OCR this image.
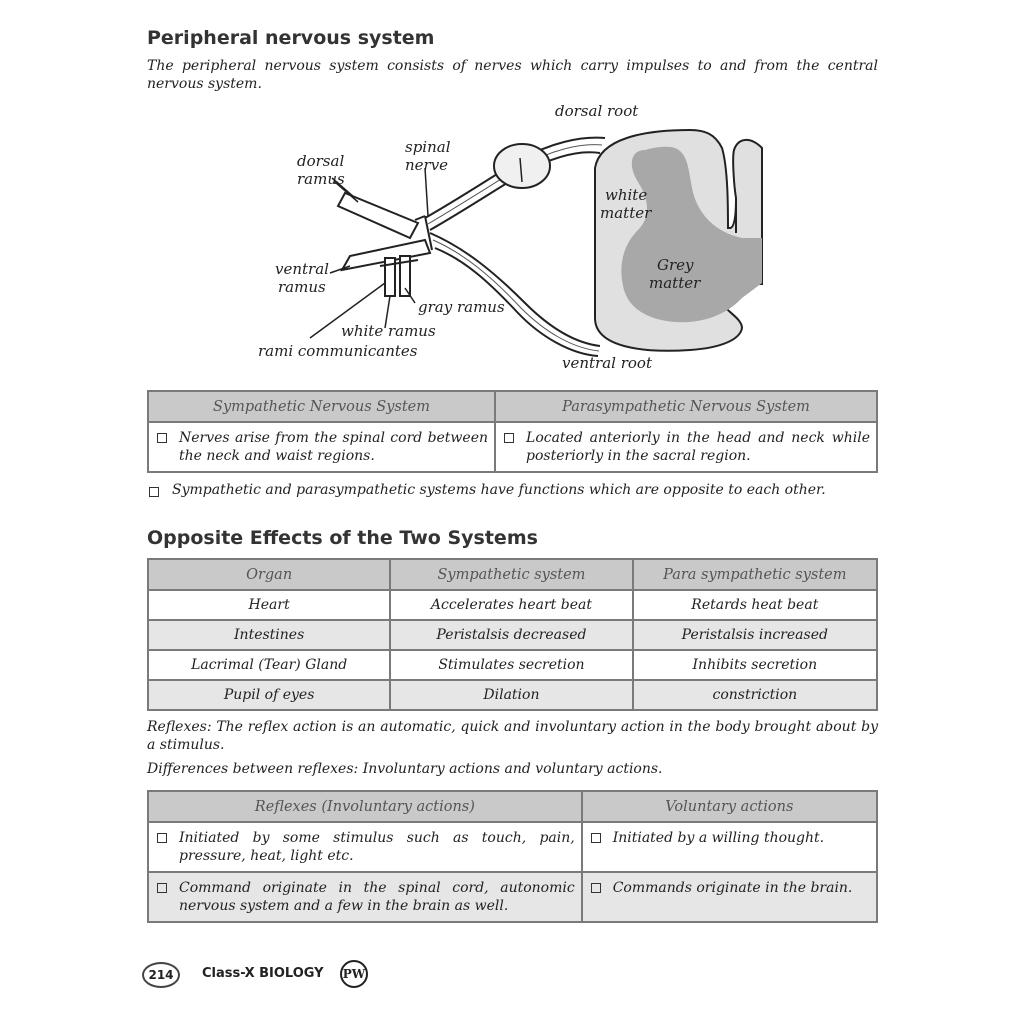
Peripheral nervous system
The peripheral nervous system consists of nerves which carry impulses to and from the central nervous system.
dorsal root
spinal
nerve
dorsal
ramus
white
matter
Grey
matter
ventral
ramus
gray ramus
white ramus
rami communicantes
ventral root
Sympathetic Nervous System	Parasympathetic Nervous System

Nerves arise from the spinal cord between the neck and waist regions.	Located anteriorly in the head and neck while posteriorly in the sacral region.
Sympathetic and parasympathetic systems have functions which are opposite to each other.
Opposite Effects of the Two Systems
Organ	Sympathetic system	Para sympathetic system
Heart	Accelerates heart beat	Retards heat beat
Intestines	Peristalsis decreased	Peristalsis increased
Lacrimal (Tear) Gland	Stimulates secretion	Inhibits secretion
Pupil of eyes	Dilation	constriction
Reflexes: The reflex action is an automatic, quick and involuntary action in the body brought about by a stimulus.
Differences between reflexes: Involuntary actions and voluntary actions.
Reflexes (Involuntary actions)	Voluntary actions

Initiated by some stimulus such as touch, pain, pressure, heat, light etc.	Initiated by a willing thought.

Command originate in the spinal cord, autonomic nervous system and a few in the brain as well.	Commands originate in the brain.
214	Class-X BIOLOGY PW
